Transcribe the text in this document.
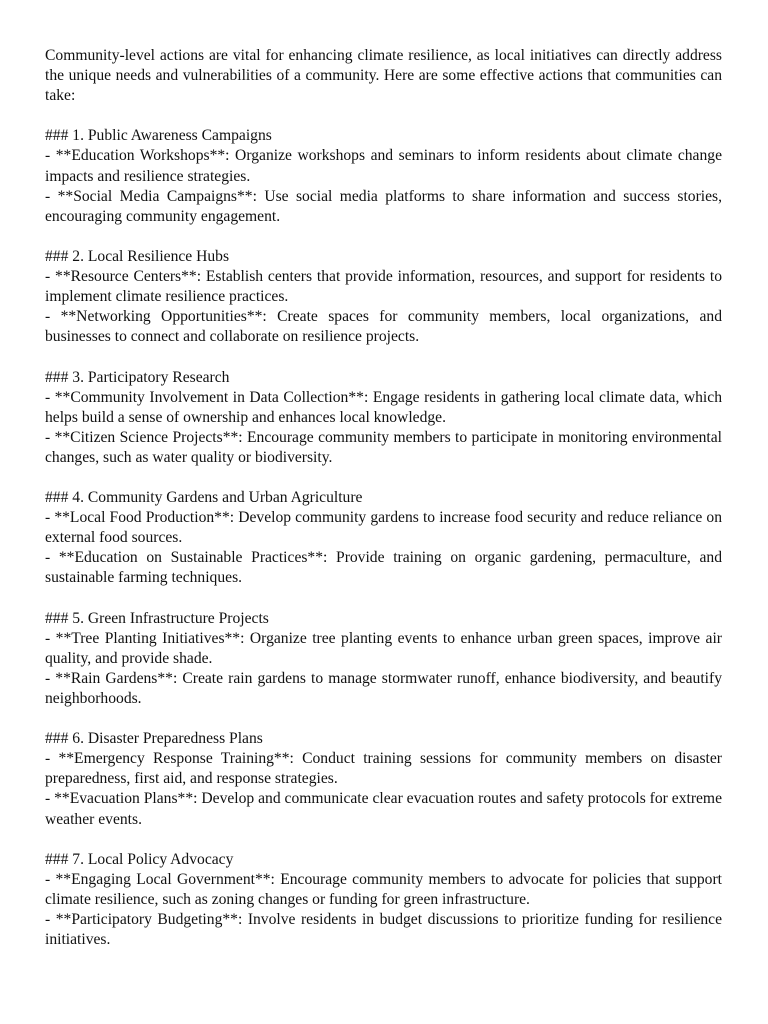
Community-level actions are vital for enhancing climate resilience, as local initiatives can directly address the unique needs and vulnerabilities of a community. Here are some effective actions that communities can take:

### 1. Public Awareness Campaigns

- **Education Workshops**: Organize workshops and seminars to inform residents about climate change impacts and resilience strategies.

- **Social Media Campaigns**: Use social media platforms to share information and success stories, encouraging community engagement.

### 2. Local Resilience Hubs

- **Resource Centers**: Establish centers that provide information, resources, and support for residents to implement climate resilience practices.

- **Networking Opportunities**: Create spaces for community members, local organizations, and businesses to connect and collaborate on resilience projects.

### 3. Participatory Research

- **Community Involvement in Data Collection**: Engage residents in gathering local climate data, which helps build a sense of ownership and enhances local knowledge.

- **Citizen Science Projects**: Encourage community members to participate in monitoring environmental changes, such as water quality or biodiversity.

### 4. Community Gardens and Urban Agriculture

- **Local Food Production**: Develop community gardens to increase food security and reduce reliance on external food sources.

- **Education on Sustainable Practices**: Provide training on organic gardening, permaculture, and sustainable farming techniques.

### 5. Green Infrastructure Projects

- **Tree Planting Initiatives**: Organize tree planting events to enhance urban green spaces, improve air quality, and provide shade.

- **Rain Gardens**: Create rain gardens to manage stormwater runoff, enhance biodiversity, and beautify neighborhoods.

### 6. Disaster Preparedness Plans

- **Emergency Response Training**: Conduct training sessions for community members on disaster preparedness, first aid, and response strategies.

- **Evacuation Plans**: Develop and communicate clear evacuation routes and safety protocols for extreme weather events.

### 7. Local Policy Advocacy

- **Engaging Local Government**: Encourage community members to advocate for policies that support climate resilience, such as zoning changes or funding for green infrastructure.

- **Participatory Budgeting**: Involve residents in budget discussions to prioritize funding for resilience initiatives.
